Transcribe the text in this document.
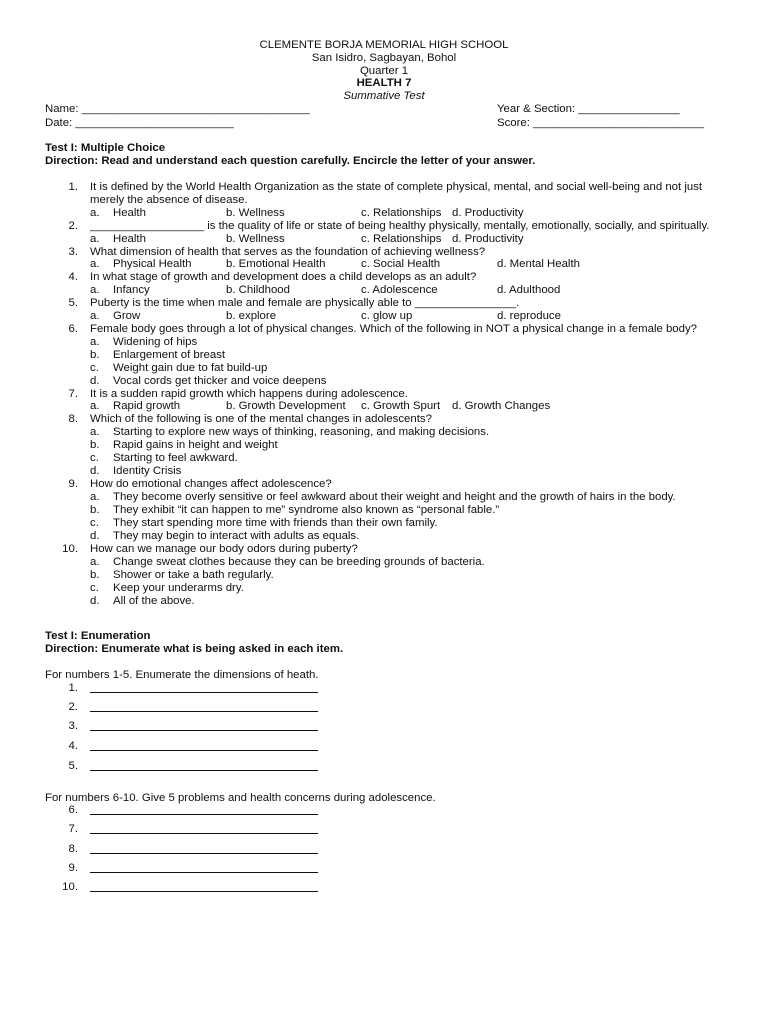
CLEMENTE BORJA MEMORIAL HIGH SCHOOL
San Isidro, Sagbayan, Bohol
Quarter 1
HEALTH 7
Summative Test
Name: ____________________________________	Year & Section: ________________
Date: _________________________	Score: ___________________________
Test I: Multiple Choice
Direction: Read and understand each question carefully. Encircle the letter of your answer.
1. It is defined by the World Health Organization as the state of complete physical, mental, and social well-being and not just merely the absence of disease.
a. Health	b. Wellness	c. Relationships d. Productivity
2. __________________ is the quality of life or state of being healthy physically, mentally, emotionally, socially, and spiritually.
a. Health	b. Wellness	c. Relationships d. Productivity
3. What dimension of health that serves as the foundation of achieving wellness?
a. Physical Health	b. Emotional Health	c. Social Health	d. Mental Health
4. In what stage of growth and development does a child develops as an adult?
a. Infancy	b. Childhood	c. Adolescence	d. Adulthood
5. Puberty is the time when male and female are physically able to ________________.
a. Grow	b. explore	c. glow up	d. reproduce
6. Female body goes through a lot of physical changes. Which of the following in NOT a physical change in a female body?
a. Widening of hips
b. Enlargement of breast
c. Weight gain due to fat build-up
d. Vocal cords get thicker and voice deepens
7. It is a sudden rapid growth which happens during adolescence.
a. Rapid growth	b. Growth Development c. Growth Spurt d. Growth Changes
8. Which of the following is one of the mental changes in adolescents?
a. Starting to explore new ways of thinking, reasoning, and making decisions.
b. Rapid gains in height and weight
c. Starting to feel awkward.
d. Identity Crisis
9. How do emotional changes affect adolescence?
a. They become overly sensitive or feel awkward about their weight and height and the growth of hairs in the body.
b. They exhibit “it can happen to me” syndrome also known as “personal fable.”
c. They start spending more time with friends than their own family.
d. They may begin to interact with adults as equals.
10. How can we manage our body odors during puberty?
a. Change sweat clothes because they can be breeding grounds of bacteria.
b. Shower or take a bath regularly.
c. Keep your underarms dry.
d. All of the above.
Test I: Enumeration
Direction: Enumerate what is being asked in each item.
For numbers 1-5. Enumerate the dimensions of heath.
1.
2.
3.
4.
5.
For numbers 6-10. Give 5 problems and health concerns during adolescence.
6.
7.
8.
9.
10.
